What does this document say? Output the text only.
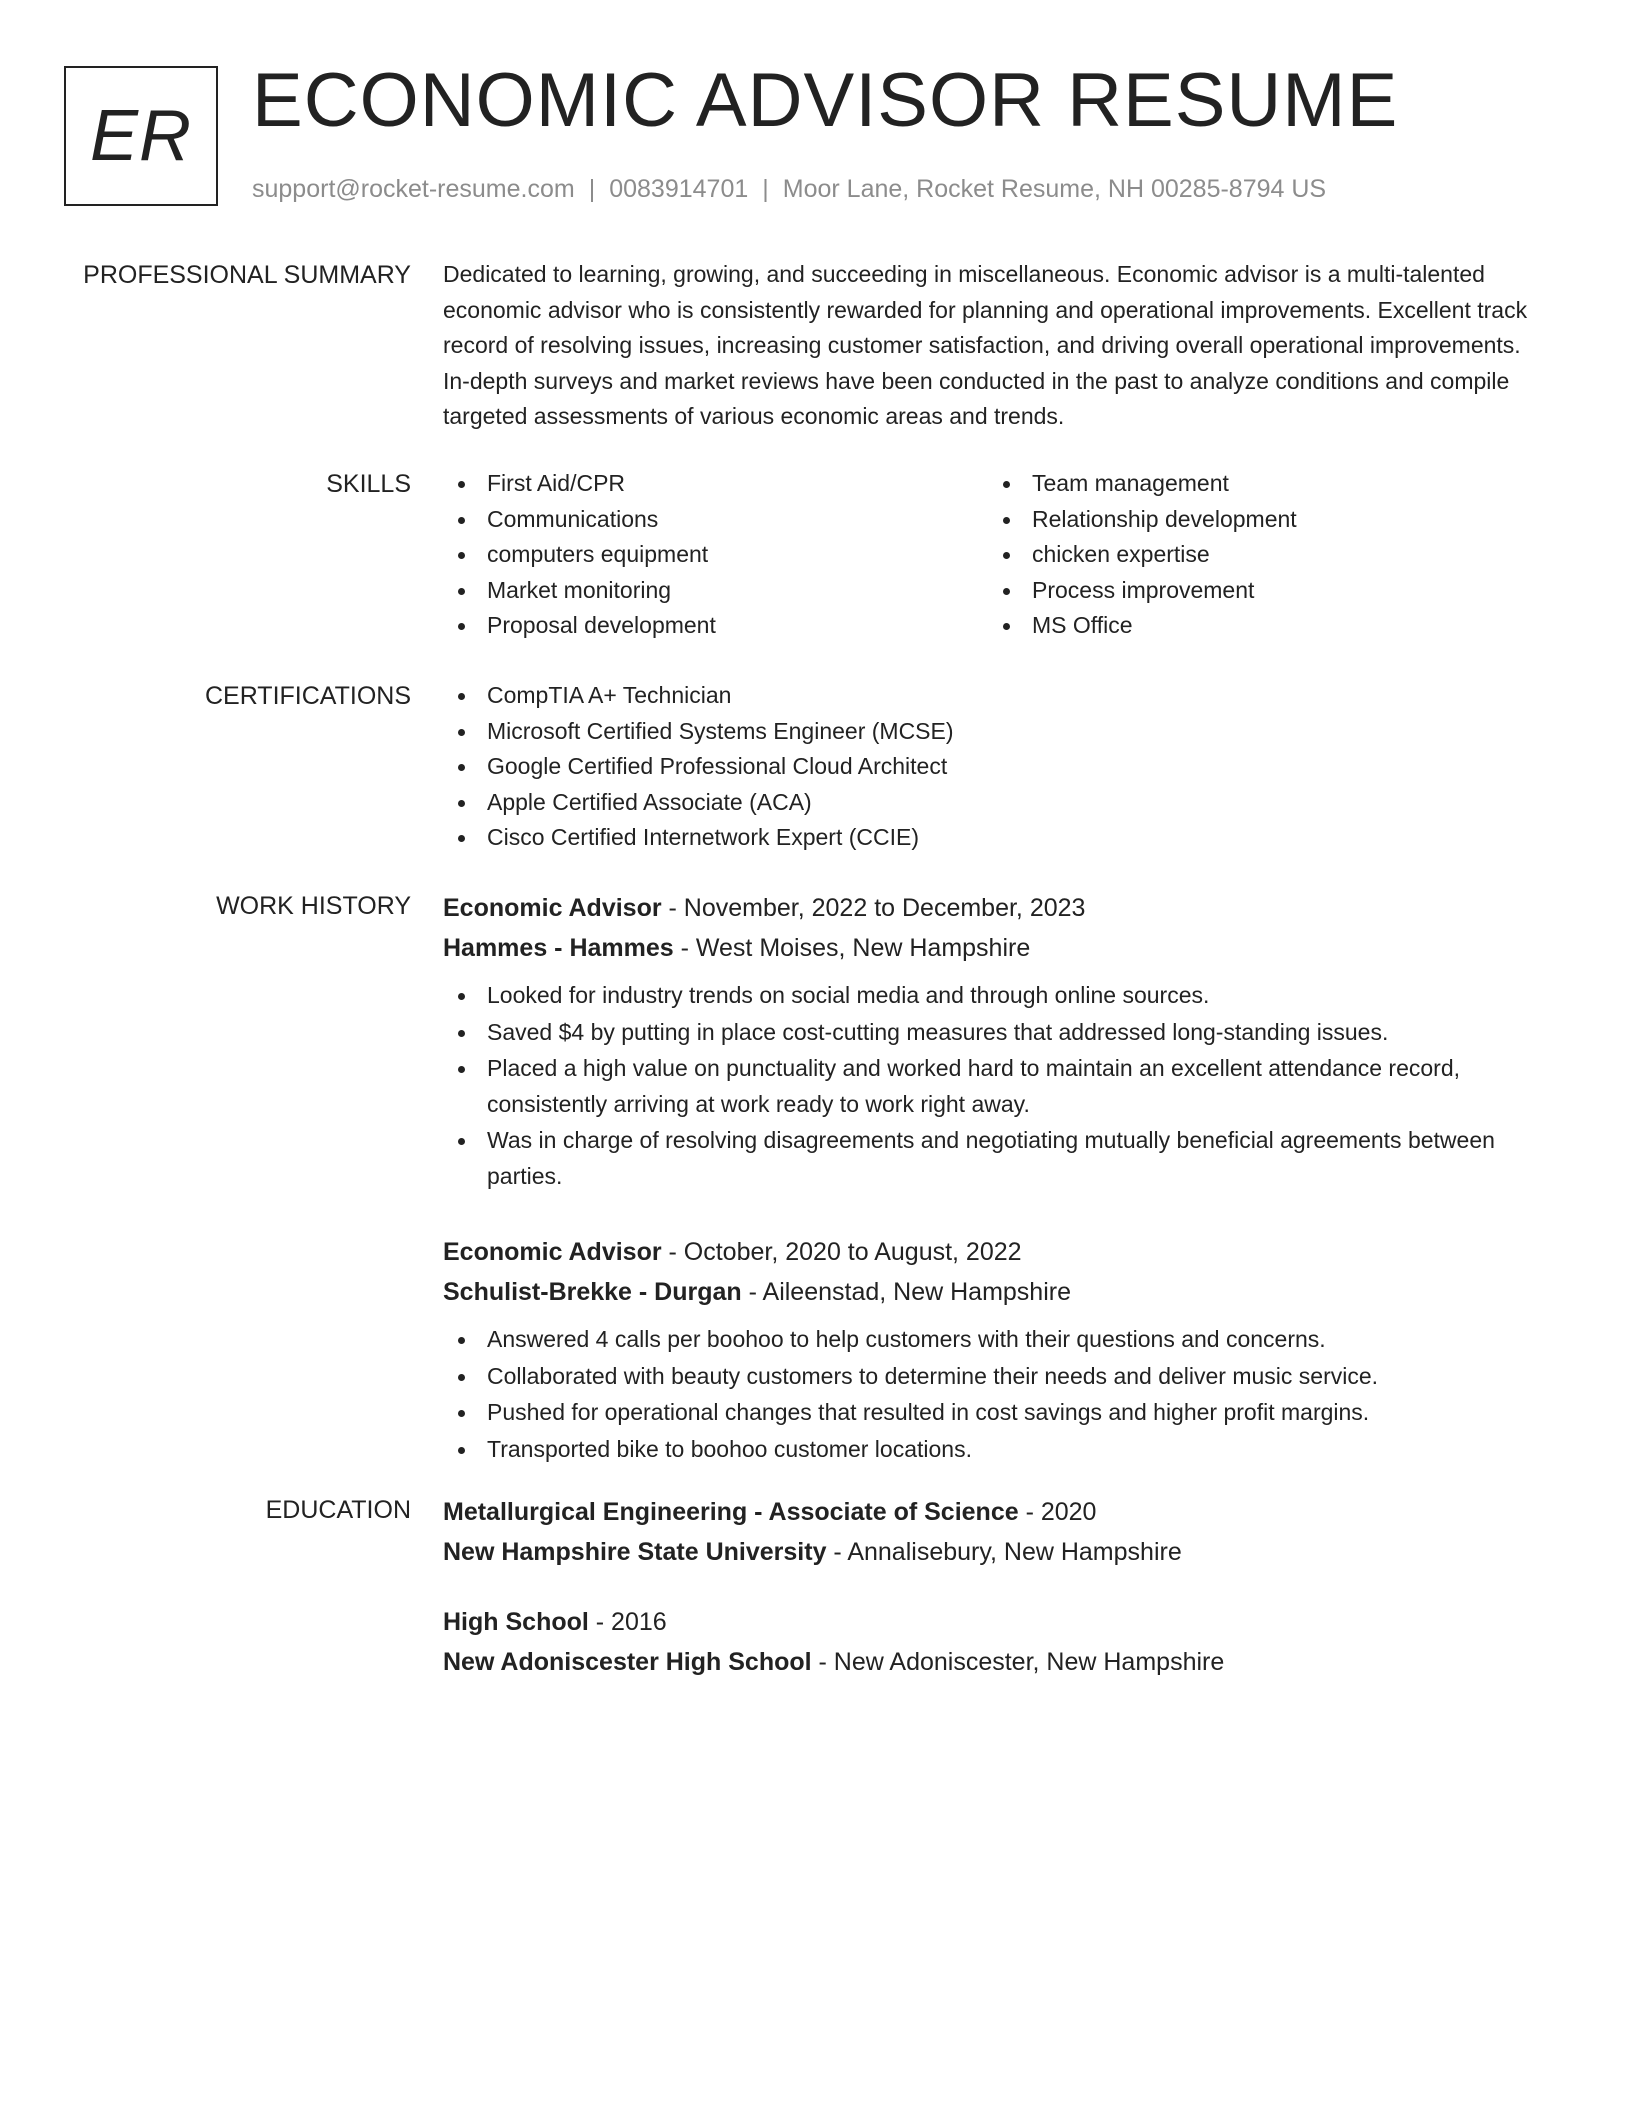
ER ECONOMIC ADVISOR RESUME
support@rocket-resume.com | 0083914701 | Moor Lane, Rocket Resume, NH 00285-8794 US
PROFESSIONAL SUMMARY Dedicated to learning, growing, and succeeding in miscellaneous. Economic advisor is a multi-talented economic advisor who is consistently rewarded for planning and operational improvements. Excellent track record of resolving issues, increasing customer satisfaction, and driving overall operational improvements. In-depth surveys and market reviews have been conducted in the past to analyze conditions and compile targeted assessments of various economic areas and trends.
SKILLS	First Aid/CPR
Communications
computers equipment
Market monitoring
Proposal development
Team management
Relationship development
chicken expertise
Process improvement
MS Office
CERTIFICATIONS	CompTIA A+ Technician
Microsoft Certified Systems Engineer (MCSE)
Google Certified Professional Cloud Architect
Apple Certified Associate (ACA)
Cisco Certified Internetwork Expert (CCIE)
WORK HISTORY Economic Advisor - November, 2022 to December, 2023
Hammes - Hammes - West Moises, New Hampshire
Looked for industry trends on social media and through online sources.
Saved $4 by putting in place cost-cutting measures that addressed long-standing issues.
Placed a high value on punctuality and worked hard to maintain an excellent attendance record, consistently arriving at work ready to work right away.
Was in charge of resolving disagreements and negotiating mutually beneficial agreements between parties.
Economic Advisor - October, 2020 to August, 2022
Schulist-Brekke - Durgan - Aileenstad, New Hampshire
Answered 4 calls per boohoo to help customers with their questions and concerns.
Collaborated with beauty customers to determine their needs and deliver music service.
Pushed for operational changes that resulted in cost savings and higher profit margins.
Transported bike to boohoo customer locations.
EDUCATION Metallurgical Engineering - Associate of Science - 2020
New Hampshire State University - Annalisebury, New Hampshire
High School - 2016
New Adoniscester High School - New Adoniscester, New Hampshire
